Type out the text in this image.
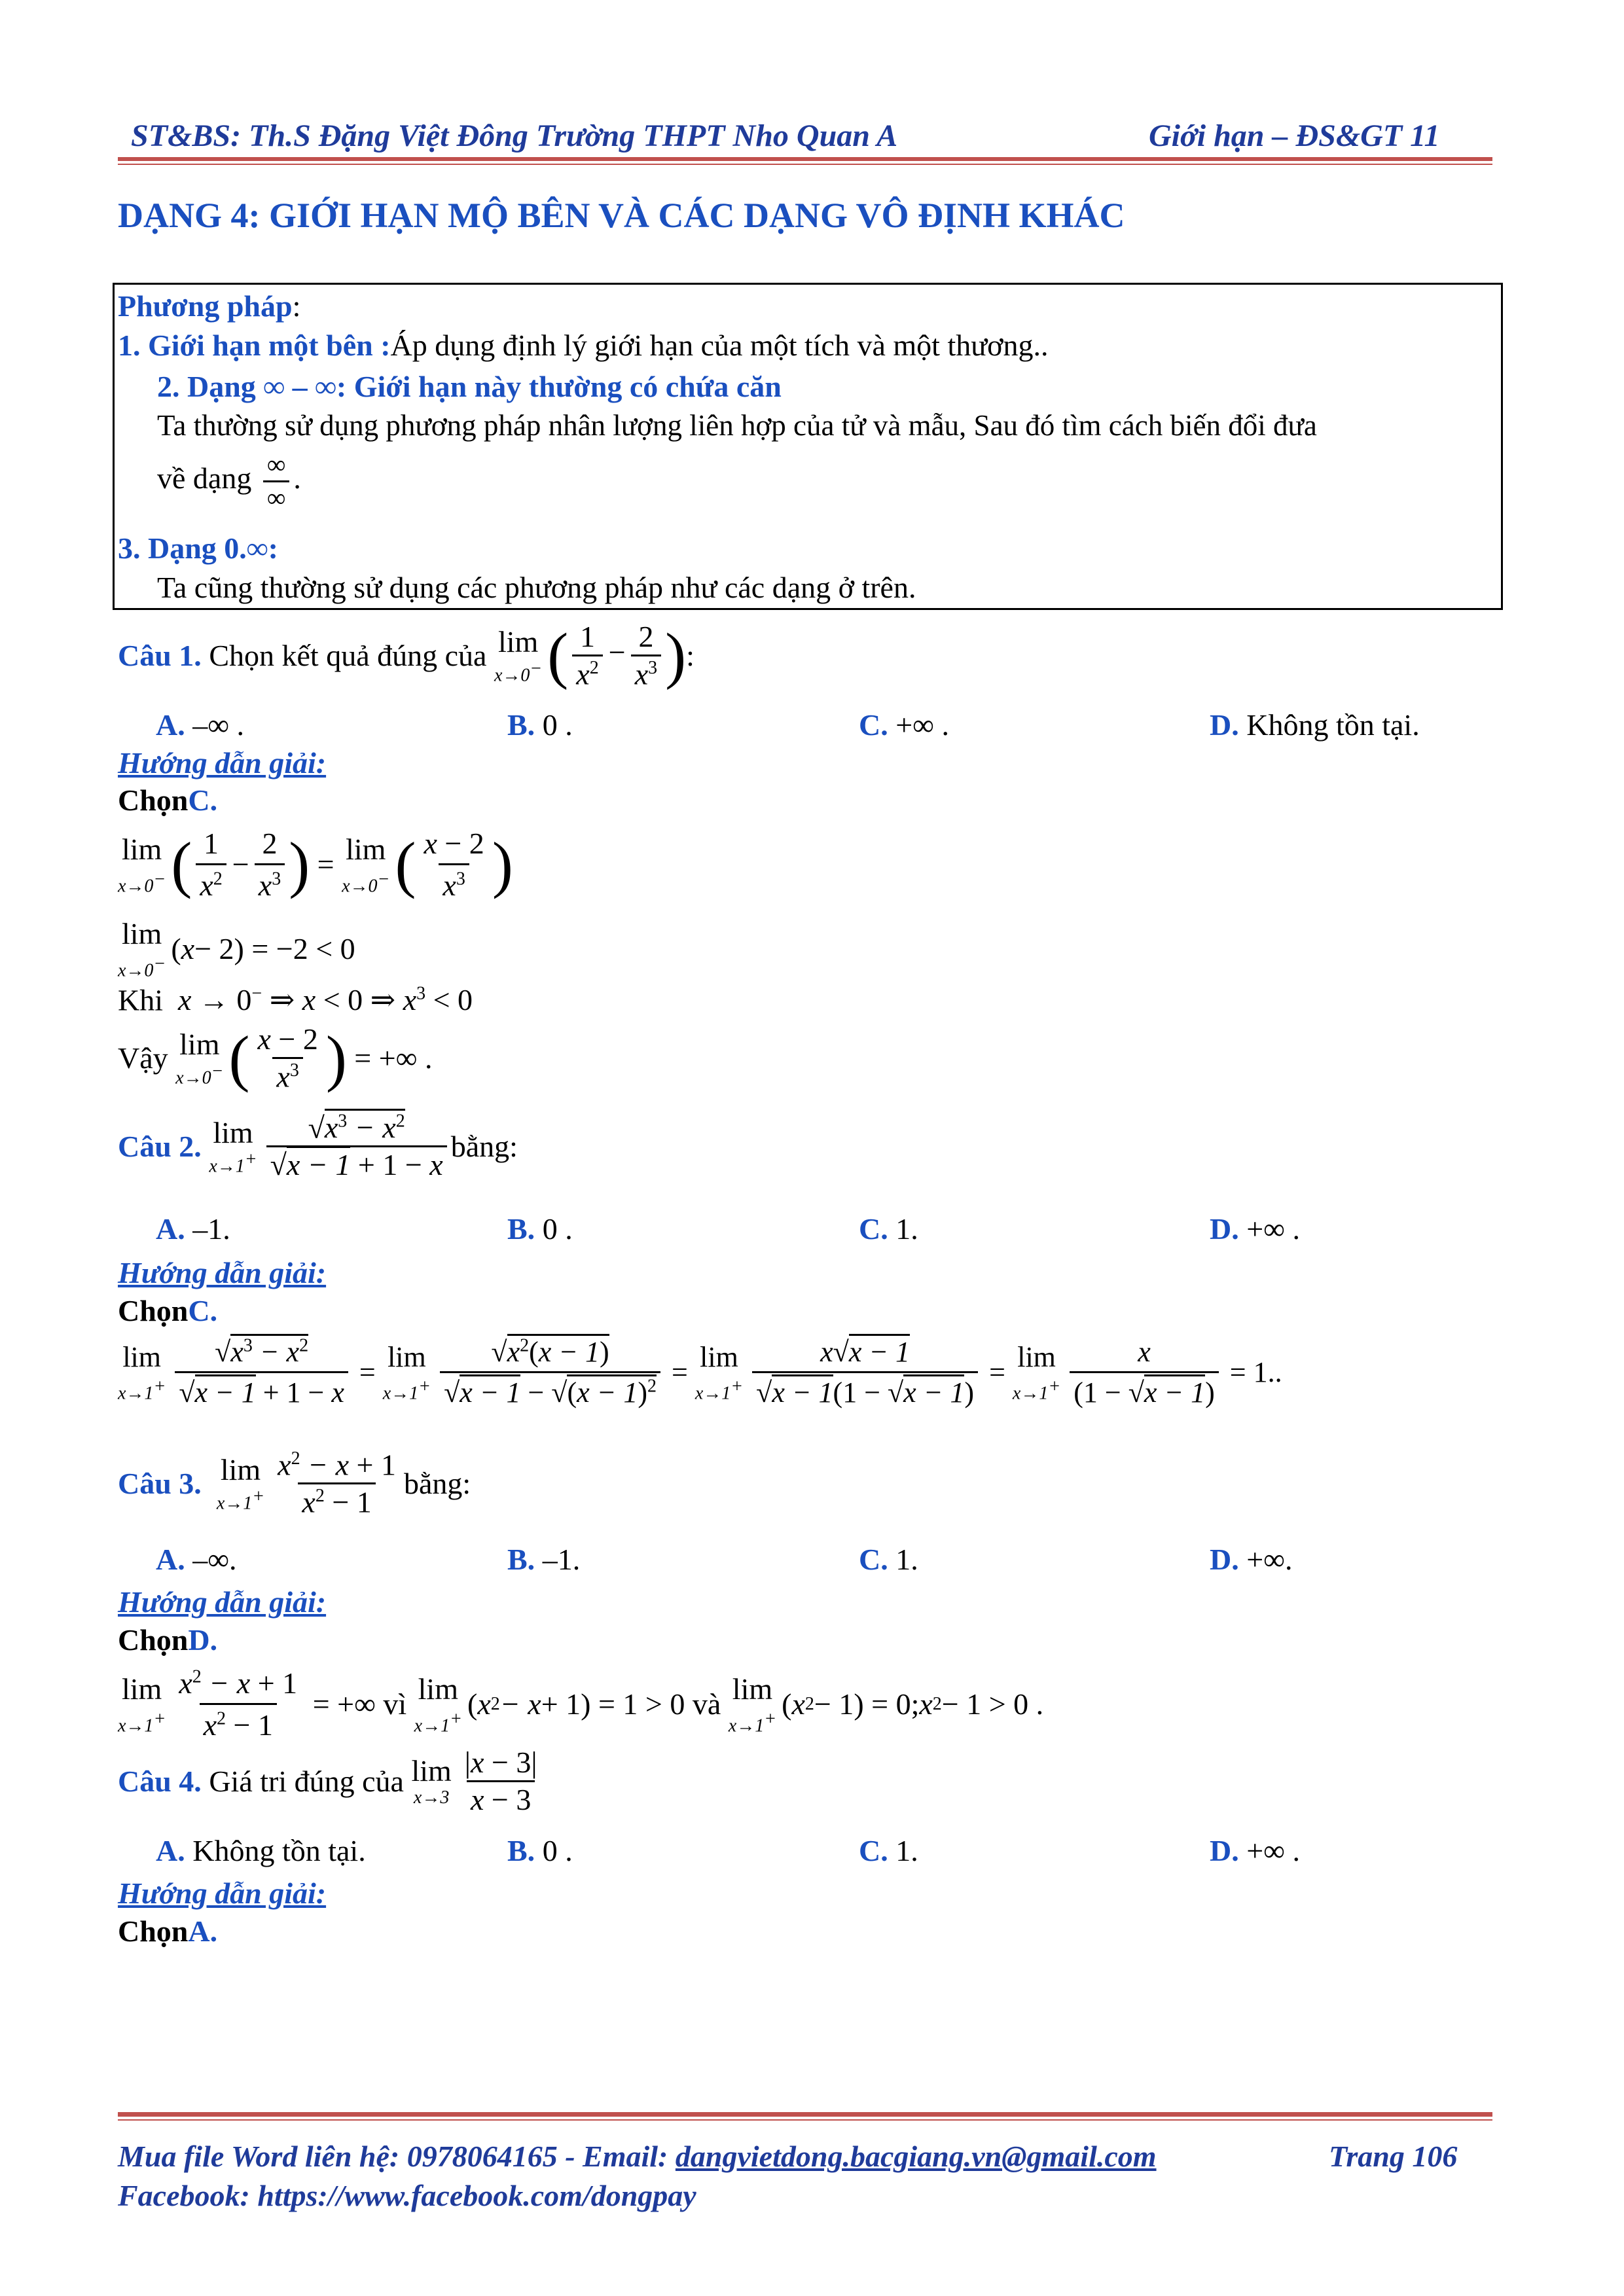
ST&BS: Th.S Đặng Việt Đông Trường THPT Nho Quan A	Giới hạn – ĐS&GT 11
DẠNG 4: GIỚI HẠN MỘ BÊN VÀ CÁC DẠNG VÔ ĐỊNH KHÁC
Phương pháp:
1. Giới hạn một bên :Áp dụng định lý giới hạn của một tích và một thương..
2. Dạng ∞ – ∞: Giới hạn này thường có chứa căn
Ta thường sử dụng phương pháp nhân lượng liên hợp của tử và mẫu, Sau đó tìm cách biến đổi đưa
về dạng $\frac{\infty}{\infty}$ .
3. Dạng 0.∞:
Ta cũng thường sử dụng các phương pháp như các dạng ở trên.
Câu 1.
Chọn kết quả đúng của
lim
x→0− ( $\frac{1}{x^2} - \frac{2}{x^3}$ ) :
A. –∞ .	B. 0 .	C. +∞ .	D. Không tồn tại.
Hướng dẫn giải:
ChọnC.
lim
x→0− ( $\frac{1}{x^2} - \frac{2}{x^3}$ ) = lim
x→0− ( $\frac{x - 2}{x^3}$ )
lim
x→0− ( x − 2) = −2 < 0
Khi x → 0− ⇒ x < 0 ⇒ $x^3 < 0$
Vậy
lim
x→0− ( $\frac{x - 2}{x^3}$ ) = +∞ .
Câu 2.
lim
$x\to 1^+ \frac{√x^3 - x^2}{√x - 1 + 1 - x}$ bằng:
A. –1.	B. 0 .	C. 1.	D. +∞ .
Hướng dẫn giải:
ChọnC.
lim
$x\to 1^+ \frac{√x^3 - x^2}{√x - 1 + 1 - x} = \lim$
$x\to 1^+ \frac{√x^2(x - 1)}{√x - 1 - √(x - 1)^2} = \lim$
$x\to 1^+ \frac{x√x - 1}{√x - 1(1 - √x - 1)} = \lim$
$x\to 1^+ \frac{x}{(1 - √x - 1)} = 1$..
Câu 3.
lim
$x\to 1^+ \frac{x^2 - x + 1}{x^2 - 1}$ bằng:
A. –∞.	B. –1.	C. 1.	D. +∞.
Hướng dẫn giải:
ChọnD.
lim
$x\to 1^+ \frac{x^2 - x + 1}{x^2 - 1}$ = +∞ vì
lim
x→1+ ( x 2 − x + 1) = 1 > 0 và
lim
x→1+ ( x 2 − 1) = 0; x 2 − 1 > 0 .
Câu 4.
Giá tri đúng của
lim
$x\to 3 \frac{|x - 3|}{x - 3}$
A. Không tồn tại.	B. 0 .	C. 1.	D. +∞ .
Hướng dẫn giải:
ChọnA.
Mua file Word liên hệ: 0978064165 - Email: dangvietdong.bacgiang.vn@gmail.com	Trang 106
Facebook: https://www.facebook.com/dongpay
